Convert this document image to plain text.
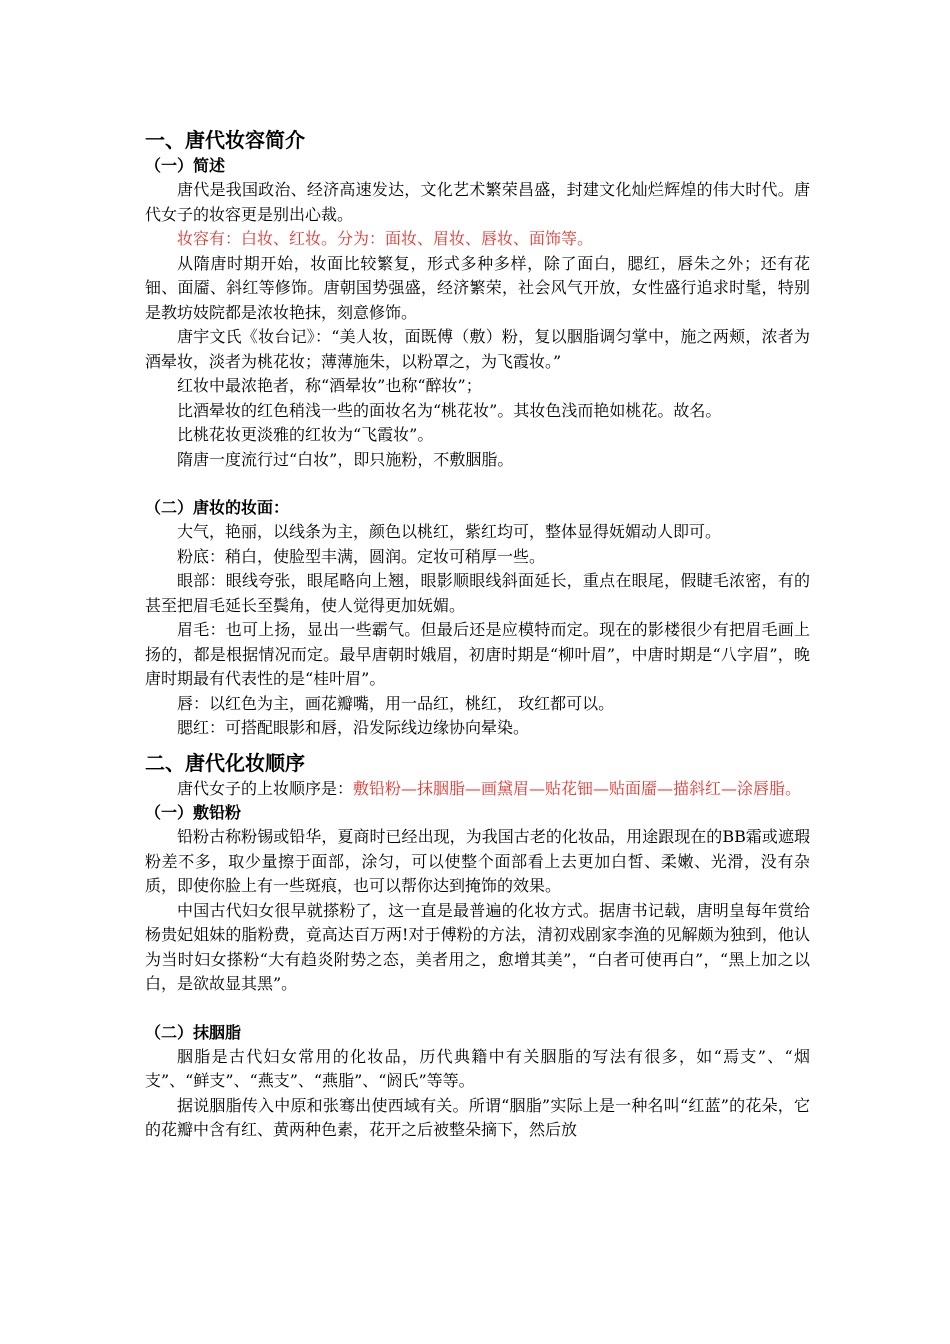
一、唐代妆容简介
（一）简述

唐代是我国政治、经济高速发达，文化艺术繁荣昌盛，封建文化灿烂辉煌的伟大时代。唐代女子的妆容更是别出心裁。

妆容有：白妆、红妆。分为：面妆、眉妆、唇妆、面饰等。

从隋唐时期开始，妆面比较繁复，形式多种多样，除了面白，腮红，唇朱之外；还有花钿、面靥、斜红等修饰。唐朝国势强盛，经济繁荣，社会风气开放，女性盛行追求时髦，特别是教坊妓院都是浓妆艳抹，刻意修饰。

唐宇文氏《妆台记》：“美人妆，面既傅（敷）粉，复以胭脂调匀掌中，施之两颊，浓者为酒晕妆，淡者为桃花妆；薄薄施朱，以粉罩之，为飞霞妆。”

红妆中最浓艳者，称“酒晕妆”也称“醉妆”；

比酒晕妆的红色稍浅一些的面妆名为“桃花妆”。其妆色浅而艳如桃花。故名。

比桃花妆更淡雅的红妆为“飞霞妆”。

隋唐一度流行过“白妆”，即只施粉，不敷胭脂。

（二）唐妆的妆面：

大气，艳丽，以线条为主，颜色以桃红，紫红均可，整体显得妩媚动人即可。

粉底：稍白，使脸型丰满，圆润。定妆可稍厚一些。

眼部：眼线夸张，眼尾略向上翘，眼影顺眼线斜面延长，重点在眼尾，假睫毛浓密，有的甚至把眉毛延长至鬓角，使人觉得更加妩媚。

眉毛：也可上扬，显出一些霸气。但最后还是应模特而定。现在的影楼很少有把眉毛画上扬的，都是根据情况而定。最早唐朝时娥眉，初唐时期是“柳叶眉”，中唐时期是“八字眉”，晚唐时期最有代表性的是“桂叶眉”。

唇：以红色为主，画花瓣嘴，用一品红，桃红， 玫红都可以。

腮红：可搭配眼影和唇，沿发际线边缘协向晕染。

二、唐代化妆顺序

唐代女子的上妆顺序是：敷铅粉—抹胭脂—画黛眉—贴花钿—贴面靥—描斜红—涂唇脂。

（一）敷铅粉

铅粉古称粉锡或铅华，夏商时已经出现，为我国古老的化妆品，用途跟现在的BB霜或遮瑕粉差不多，取少量擦于面部，涂匀，可以使整个面部看上去更加白皙、柔嫩、光滑，没有杂质，即使你脸上有一些斑痕，也可以帮你达到掩饰的效果。

中国古代妇女很早就搽粉了，这一直是最普遍的化妆方式。据唐书记载，唐明皇每年赏给杨贵妃姐妹的脂粉费，竟高达百万两!对于傅粉的方法，清初戏剧家李渔的见解颇为独到，他认为当时妇女搽粉“大有趋炎附势之态，美者用之，愈增其美”，“白者可使再白”，“黑上加之以白，是欲故显其黑”。

（二）抹胭脂

胭脂是古代妇女常用的化妆品，历代典籍中有关胭脂的写法有很多，如“焉支”、“烟支”、“鲜支”、“燕支”、“燕脂”、“阏氏”等等。

据说胭脂传入中原和张骞出使西域有关。所谓“胭脂”实际上是一种名叫“红蓝”的花朵，它的花瓣中含有红、黄两种色素，花开之后被整朵摘下，然后放
